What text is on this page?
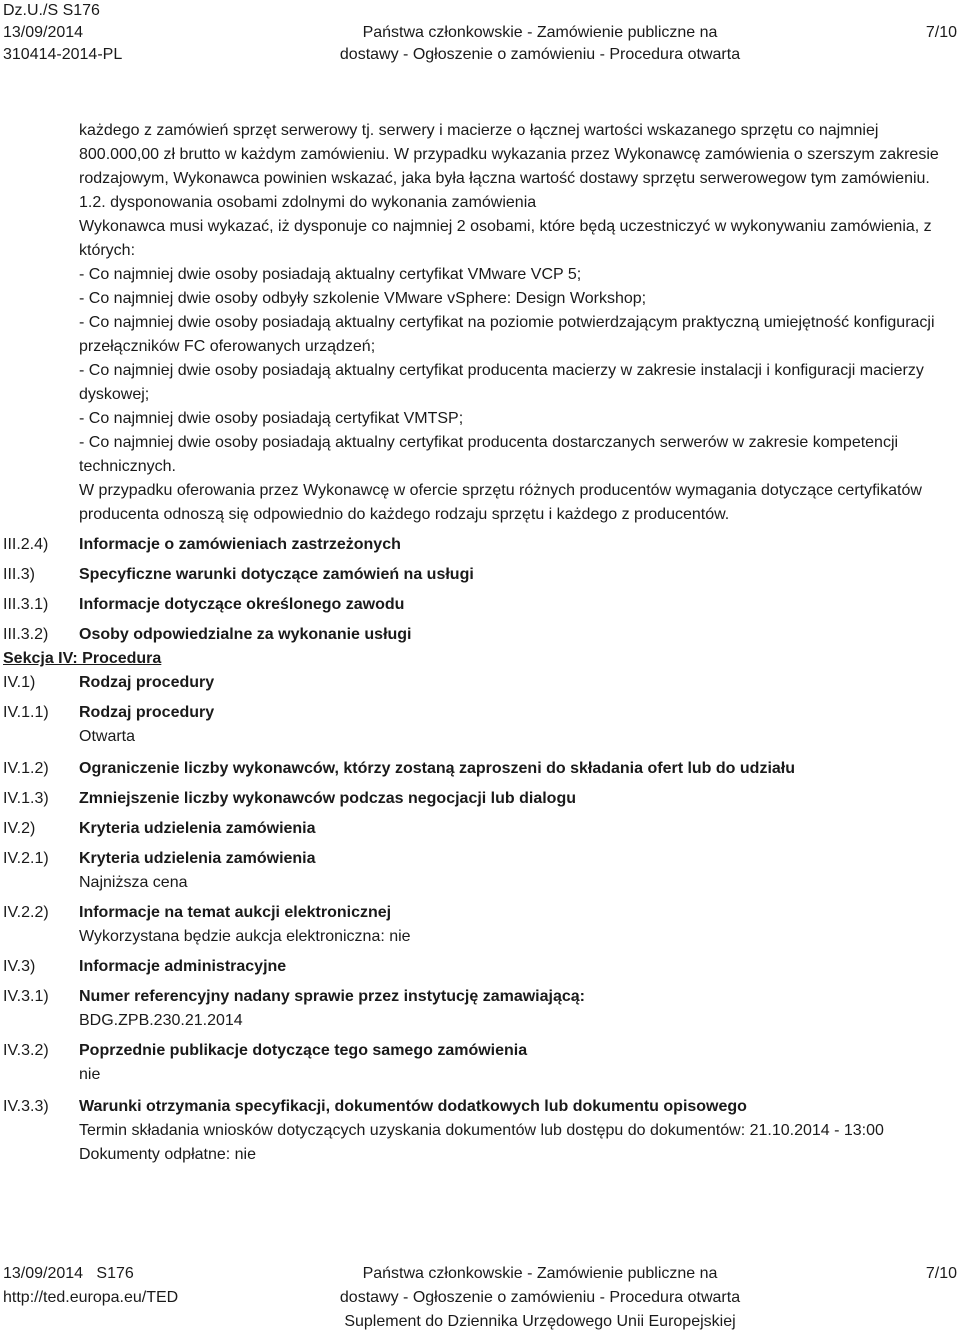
Dz.U./S S176
13/09/2014
310414-2014-PL
Państwa członkowskie - Zamówienie publiczne na
dostawy - Ogłoszenie o zamówieniu - Procedura otwarta
7/10

każdego z zamówień sprzęt serwerowy tj. serwery i macierze o łącznej wartości wskazanego sprzętu co najmniej 800.000,00 zł brutto w każdym zamówieniu. W przypadku wykazania przez Wykonawcę zamówienia o szerszym zakresie rodzajowym, Wykonawca powinien wskazać, jaka była łączna wartość dostawy sprzętu serwerowegow tym zamówieniu.

1.2. dysponowania osobami zdolnymi do wykonania zamówienia

Wykonawca musi wykazać, iż dysponuje co najmniej 2 osobami, które będą uczestniczyć w wykonywaniu zamówienia, z których:

- Co najmniej dwie osoby posiadają aktualny certyfikat VMware VCP 5;

- Co najmniej dwie osoby odbyły szkolenie VMware vSphere: Design Workshop;

- Co najmniej dwie osoby posiadają aktualny certyfikat na poziomie potwierdzającym praktyczną umiejętność konfiguracji przełączników FC oferowanych urządzeń;

- Co najmniej dwie osoby posiadają aktualny certyfikat producenta macierzy w zakresie instalacji i konfiguracji macierzy dyskowej;

- Co najmniej dwie osoby posiadają certyfikat VMTSP;

- Co najmniej dwie osoby posiadają aktualny certyfikat producenta dostarczanych serwerów w zakresie kompetencji technicznych.

W przypadku oferowania przez Wykonawcę w ofercie sprzętu różnych producentów wymagania dotyczące certyfikatów producenta odnoszą się odpowiednio do każdego rodzaju sprzętu i każdego z producentów.

III.2.4)	Informacje o zamówieniach zastrzeżonych
III.3)	Specyficzne warunki dotyczące zamówień na usługi
III.3.1)	Informacje dotyczące określonego zawodu
III.3.2)	Osoby odpowiedzialne za wykonanie usługi
Sekcja IV: Procedura
IV.1)	Rodzaj procedury
IV.1.1)	Rodzaj procedury
Otwarta
IV.1.2)	Ograniczenie liczby wykonawców, którzy zostaną zaproszeni do składania ofert lub do udziału
IV.1.3)	Zmniejszenie liczby wykonawców podczas negocjacji lub dialogu
IV.2)	Kryteria udzielenia zamówienia
IV.2.1)	Kryteria udzielenia zamówienia
Najniższa cena
IV.2.2)	Informacje na temat aukcji elektronicznej
Wykorzystana będzie aukcja elektroniczna: nie
IV.3)	Informacje administracyjne
IV.3.1)	Numer referencyjny nadany sprawie przez instytucję zamawiającą:
BDG.ZPB.230.21.2014
IV.3.2)	Poprzednie publikacje dotyczące tego samego zamówienia
nie
IV.3.3)	Warunki otrzymania specyfikacji, dokumentów dodatkowych lub dokumentu opisowego
Termin składania wniosków dotyczących uzyskania dokumentów lub dostępu do dokumentów: 21.10.2014 - 13:00
Dokumenty odpłatne: nie
13/09/2014 S176
http://ted.europa.eu/TED
Państwa członkowskie - Zamówienie publiczne na
dostawy - Ogłoszenie o zamówieniu - Procedura otwarta
Suplement do Dziennika Urzędowego Unii Europejskiej
7/10
